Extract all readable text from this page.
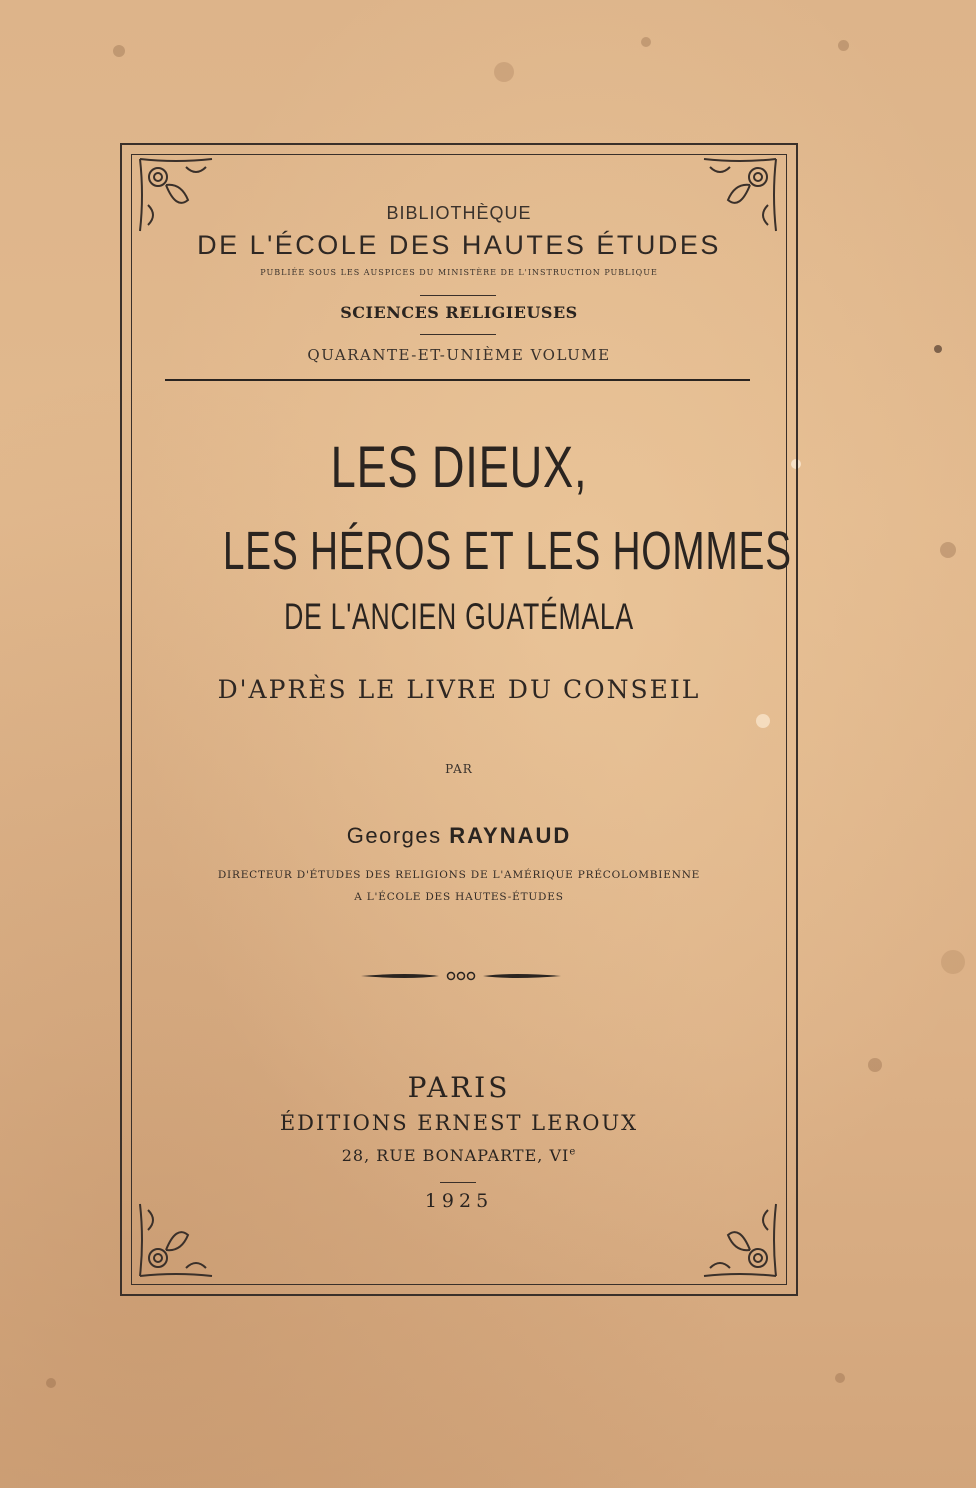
BIBLIOTHÈQUE
DE L'ÉCOLE DES HAUTES ÉTUDES
PUBLIÉE SOUS LES AUSPICES DU MINISTÈRE DE L'INSTRUCTION PUBLIQUE
SCIENCES RELIGIEUSES
QUARANTE-ET-UNIÈME VOLUME
LES DIEUX,
LES HÉROS ET LES HOMMES
DE L'ANCIEN GUATÉMALA
D'APRÈS LE LIVRE DU CONSEIL
PAR
Georges RAYNAUD
DIRECTEUR D'ÉTUDES DES RELIGIONS DE L'AMÉRIQUE PRÉCOLOMBIENNE
A L'ÉCOLE DES HAUTES-ÉTUDES
PARIS
ÉDITIONS ERNEST LEROUX
28, RUE BONAPARTE, VIe
1925
